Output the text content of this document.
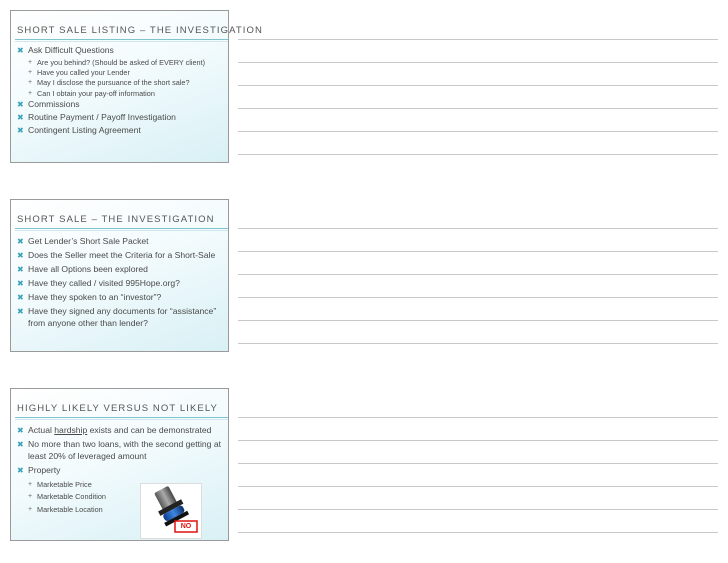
SHORT SALE LISTING – THE INVESTIGATION
✖ Ask Difficult Questions
+ Are you behind? (Should be asked of EVERY client)
+ Have you called your Lender
+ May I disclose the pursuance of the short sale?
+ Can I obtain your pay-off information
✖ Commissions
✖ Routine Payment / Payoff Investigation
✖ Contingent Listing Agreement
SHORT SALE – THE INVESTIGATION
✖ Get Lender’s Short Sale Packet
✖ Does the Seller meet the Criteria for a Short-Sale
✖ Have all Options been explored
✖ Have they called / visited 995Hope.org?
✖ Have they spoken to an “investor”?
✖ Have they signed any documents for “assistance” from anyone other than lender?
HIGHLY LIKELY VERSUS NOT LIKELY
✖ Actual hardship exists and can be demonstrated
✖ No more than two loans, with the second getting at least 20% of leveraged amount
✖ Property
+ Marketable Price
+ Marketable Condition
+ Marketable Location
NO
